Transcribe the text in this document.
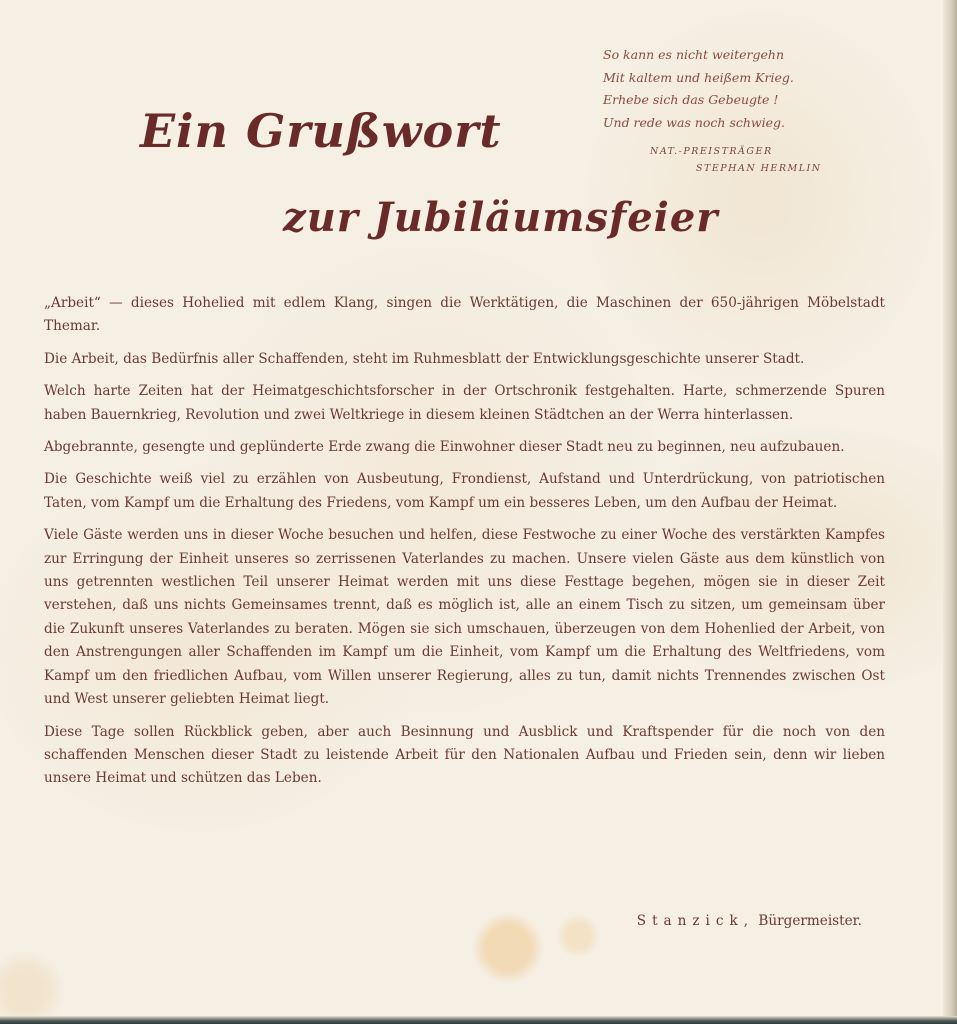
Ein Grußwort
zur Jubiläumsfeier
So kann es nicht weitergehn
Mit kaltem und heißem Krieg.
Erhebe sich das Gebeugte !
Und rede was noch schwieg.
NAT.-PREISTRÄGER
STEPHAN HERMLIN

„Arbeit“ — dieses Hohelied mit edlem Klang, singen die Werktätigen, die Maschinen der 650-jährigen Möbelstadt Themar.

Die Arbeit, das Bedürfnis aller Schaffenden, steht im Ruhmesblatt der Entwicklungsgeschichte unserer Stadt.

Welch harte Zeiten hat der Heimatgeschichtsforscher in der Ortschronik festgehalten. Harte, schmerzende Spuren haben Bauernkrieg, Revolution und zwei Weltkriege in diesem kleinen Städtchen an der Werra hinterlassen.

Abgebrannte, gesengte und geplünderte Erde zwang die Einwohner dieser Stadt neu zu beginnen, neu aufzubauen.

Die Geschichte weiß viel zu erzählen von Ausbeutung, Frondienst, Aufstand und Unterdrückung, von patriotischen Taten, vom Kampf um die Erhaltung des Friedens, vom Kampf um ein besseres Leben, um den Aufbau der Heimat.

Viele Gäste werden uns in dieser Woche besuchen und helfen, diese Festwoche zu einer Woche des verstärkten Kampfes zur Erringung der Einheit unseres so zerrissenen Vaterlandes zu machen. Unsere vielen Gäste aus dem künstlich von uns getrennten westlichen Teil unserer Heimat werden mit uns diese Festtage begehen, mögen sie in dieser Zeit verstehen, daß uns nichts Gemeinsames trennt, daß es möglich ist, alle an einem Tisch zu sitzen, um gemeinsam über die Zukunft unseres Vaterlandes zu beraten. Mögen sie sich umschauen, überzeugen von dem Hohenlied der Arbeit, von den Anstrengungen aller Schaffenden im Kampf um die Einheit, vom Kampf um die Erhaltung des Weltfriedens, vom Kampf um den friedlichen Aufbau, vom Willen unserer Regierung, alles zu tun, damit nichts Trennendes zwischen Ost und West unserer geliebten Heimat liegt.

Diese Tage sollen Rückblick geben, aber auch Besinnung und Ausblick und Kraftspender für die noch von den schaffenden Menschen dieser Stadt zu leistende Arbeit für den Nationalen Aufbau und Frieden sein, denn wir lieben unsere Heimat und schützen das Leben.

Stanzick, Bürgermeister.
